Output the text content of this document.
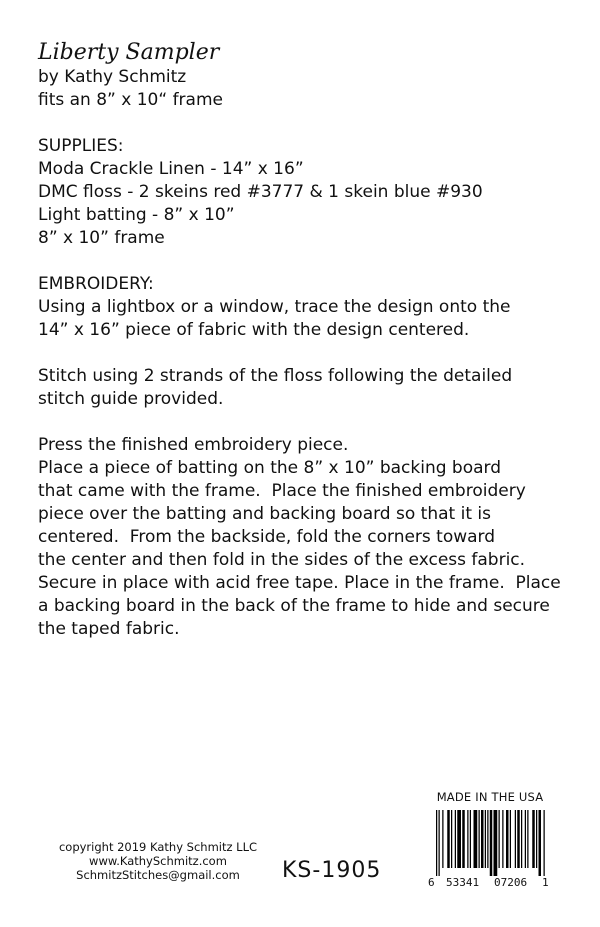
Liberty Sampler

by Kathy Schmitz

fits an 8” x 10“ frame

SUPPLIES:

Moda Crackle Linen - 14” x 16”

DMC floss - 2 skeins red #3777 & 1 skein blue #930

Light batting - 8” x 10”

8” x 10” frame

EMBROIDERY:

Using a lightbox or a window, trace the design onto the

14” x 16” piece of fabric with the design centered.

Stitch using 2 strands of the floss following the detailed

stitch guide provided.

Press the finished embroidery piece.

Place a piece of batting on the 8” x 10” backing board

that came with the frame.  Place the finished embroidery

piece over the batting and backing board so that it is

centered.  From the backside, fold the corners toward

the center and then fold in the sides of the excess fabric.

Secure in place with acid free tape. Place in the frame.  Place

a backing board in the back of the frame to hide and secure

the taped fabric.

copyright 2019 Kathy Schmitz LLC
www.KathySchmitz.com
SchmitzStitches@gmail.com	KS-1905
MADE IN THE USA
6 53341 07206 1
